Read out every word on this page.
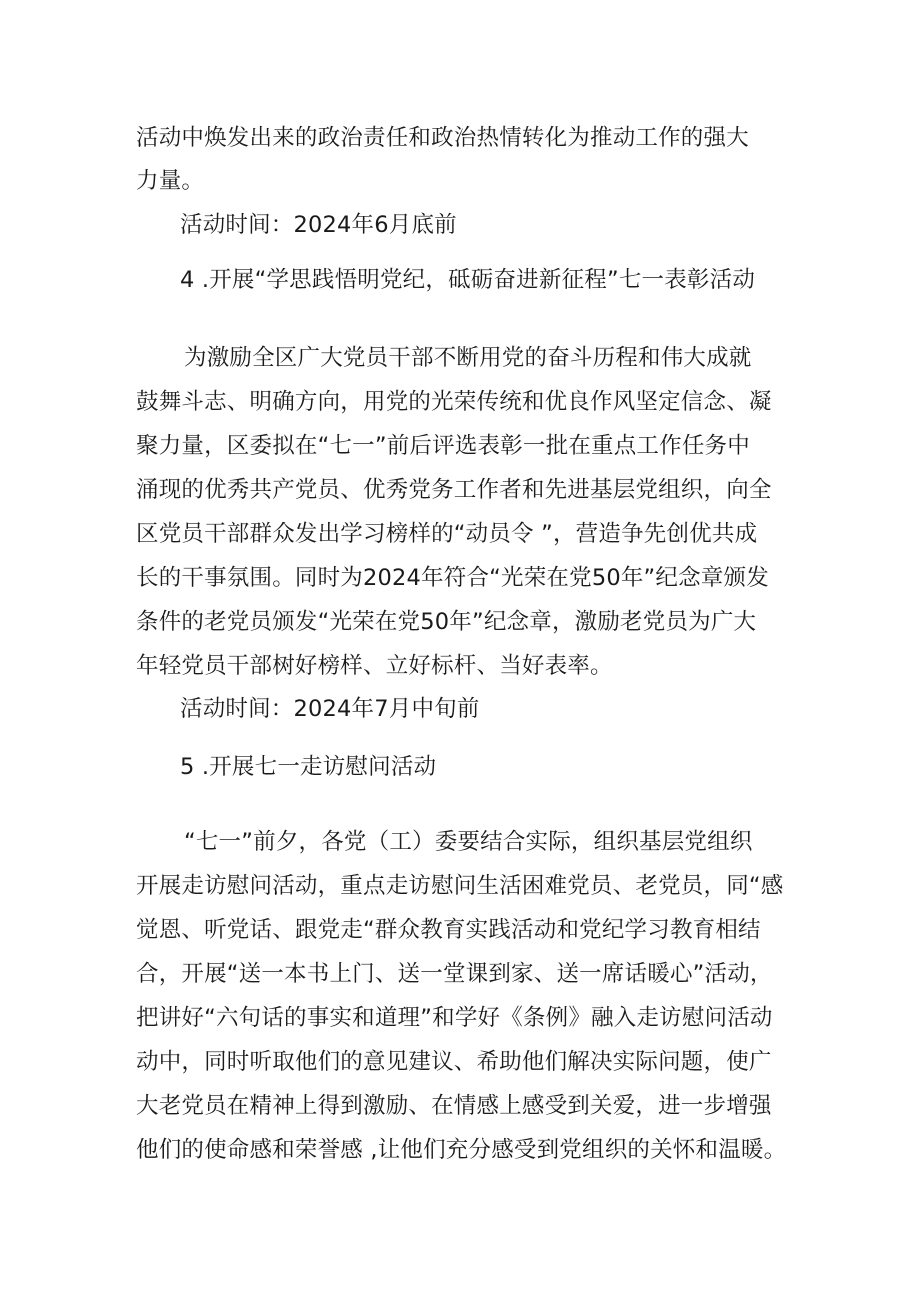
活动中焕发出来的政治责任和政治热情转化为推动工作的强大
力量。
活动时间：2024年6月底前
4 .开展“学思践悟明党纪，砥砺奋进新征程”七一表彰活动
为激励全区广大党员干部不断用党的奋斗历程和伟大成就
鼓舞斗志、明确方向，用党的光荣传统和优良作风坚定信念、凝
聚力量，区委拟在“七一”前后评选表彰一批在重点工作任务中
涌现的优秀共产党员、优秀党务工作者和先进基层党组织，向全
区党员干部群众发出学习榜样的“动员令 ”，营造争先创优共成
长的干事氛围。同时为2024年符合“光荣在党50年”纪念章颁发
条件的老党员颁发“光荣在党50年”纪念章，激励老党员为广大
年轻党员干部树好榜样、立好标杆、当好表率。
活动时间：2024年7月中旬前
5 .开展七一走访慰问活动
“七一”前夕，各党（工）委要结合实际，组织基层党组织
开展走访慰问活动，重点走访慰问生活困难党员、老党员，同“感
觉恩、听党话、跟党走“群众教育实践活动和党纪学习教育相结
合，开展“送一本书上门、送一堂课到家、送一席话暖心”活动，
把讲好“六句话的事实和道理”和学好《条例》融入走访慰问活动
动中，同时听取他们的意见建议、希助他们解决实际问题，使广
大老党员在精神上得到激励、在情感上感受到关爱，进一步增强
他们的使命感和荣誉感 ,让他们充分感受到党组织的关怀和温暖。
